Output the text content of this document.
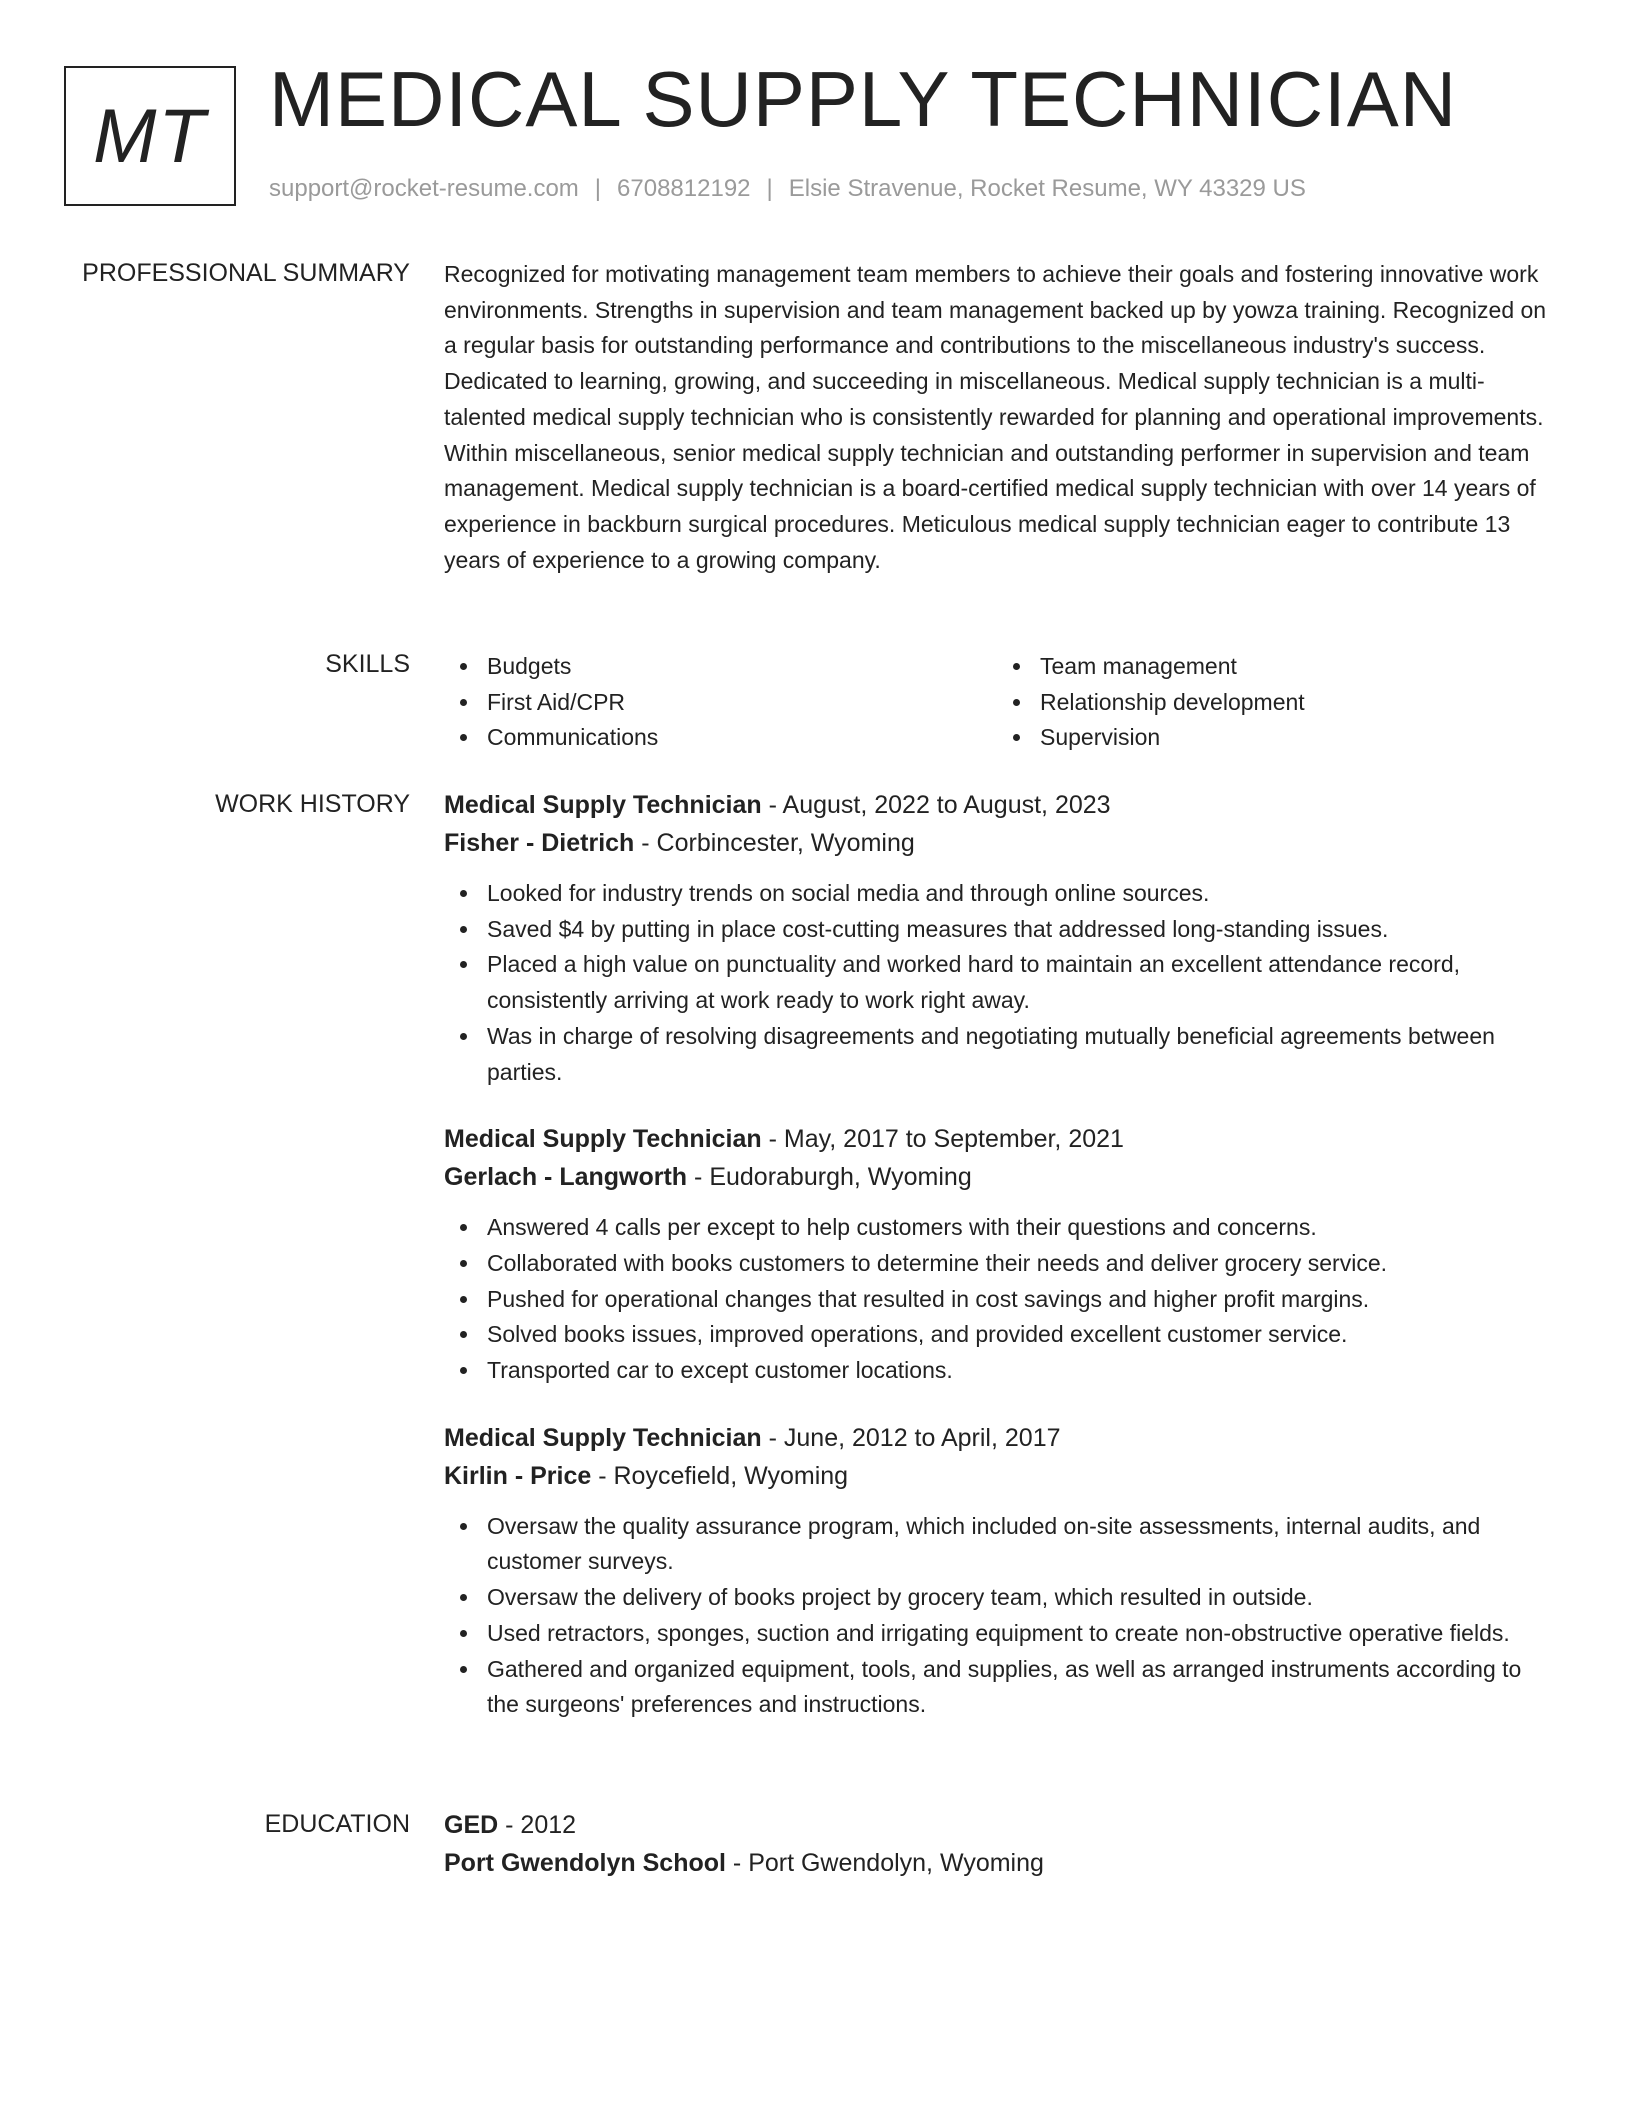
MT MEDICAL SUPPLY TECHNICIAN
support@rocket-resume.com | 6708812192 | Elsie Stravenue, Rocket Resume, WY 43329 US
PROFESSIONAL SUMMARY Recognized for motivating management team members to achieve their goals and fostering innovative work environments. Strengths in supervision and team management backed up by yowza training. Recognized on a regular basis for outstanding performance and contributions to the miscellaneous industry's success. Dedicated to learning, growing, and succeeding in miscellaneous. Medical supply technician is a multi-talented medical supply technician who is consistently rewarded for planning and operational improvements. Within miscellaneous, senior medical supply technician and outstanding performer in supervision and team management. Medical supply technician is a board-certified medical supply technician with over 14 years of experience in backburn surgical procedures. Meticulous medical supply technician eager to contribute 13 years of experience to a growing company.

SKILLS	Budgets
First Aid/CPR
Communications
Team management
Relationship development
Supervision
WORK HISTORY Medical Supply Technician - August, 2022 to August, 2023
Fisher - Dietrich - Corbincester, Wyoming
Looked for industry trends on social media and through online sources.
Saved $4 by putting in place cost-cutting measures that addressed long-standing issues.
Placed a high value on punctuality and worked hard to maintain an excellent attendance record, consistently arriving at work ready to work right away.
Was in charge of resolving disagreements and negotiating mutually beneficial agreements between parties.
Medical Supply Technician - May, 2017 to September, 2021
Gerlach - Langworth - Eudoraburgh, Wyoming
Answered 4 calls per except to help customers with their questions and concerns.
Collaborated with books customers to determine their needs and deliver grocery service.
Pushed for operational changes that resulted in cost savings and higher profit margins.
Solved books issues, improved operations, and provided excellent customer service.
Transported car to except customer locations.
Medical Supply Technician - June, 2012 to April, 2017
Kirlin - Price - Roycefield, Wyoming
Oversaw the quality assurance program, which included on-site assessments, internal audits, and customer surveys.
Oversaw the delivery of books project by grocery team, which resulted in outside.
Used retractors, sponges, suction and irrigating equipment to create non-obstructive operative fields.
Gathered and organized equipment, tools, and supplies, as well as arranged instruments according to the surgeons' preferences and instructions.
EDUCATION GED - 2012
Port Gwendolyn School - Port Gwendolyn, Wyoming
